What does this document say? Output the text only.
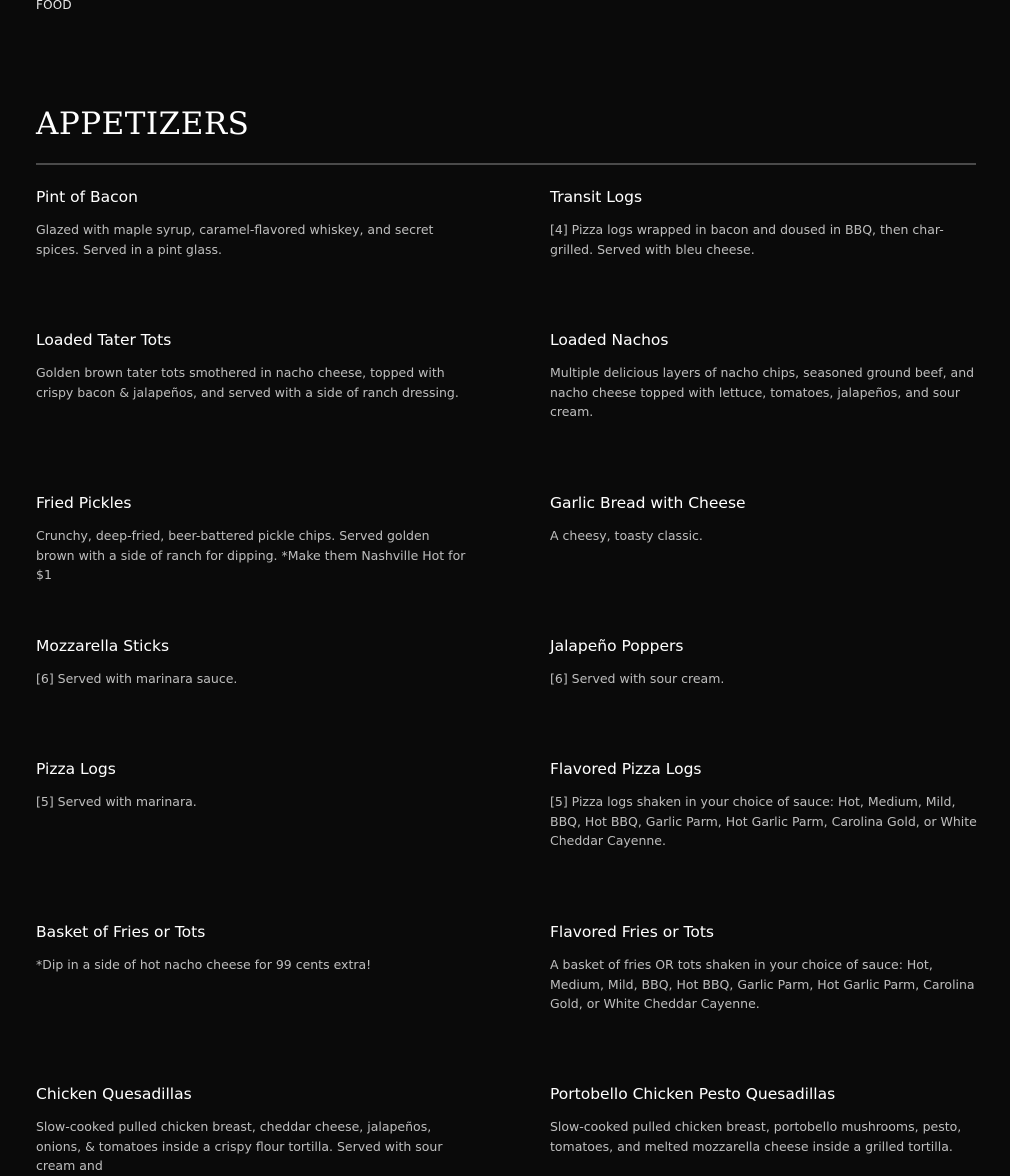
FOOD
APPETIZERS
Pint of Bacon
Glazed with maple syrup, caramel-flavored whiskey, and secret spices. Served in a pint glass.
Transit Logs
[4] Pizza logs wrapped in bacon and doused in BBQ, then char-grilled. Served with bleu cheese.
Loaded Tater Tots
Golden brown tater tots smothered in nacho cheese, topped with crispy bacon & jalapeños, and served with a side of ranch dressing.
Loaded Nachos
Multiple delicious layers of nacho chips, seasoned ground beef, and nacho cheese topped with lettuce, tomatoes, jalapeños, and sour cream.
Fried Pickles
Crunchy, deep-fried, beer-battered pickle chips. Served golden brown with a side of ranch for dipping. *Make them Nashville Hot for $1
Garlic Bread with Cheese
A cheesy, toasty classic.
Mozzarella Sticks
[6] Served with marinara sauce.
Jalapeño Poppers
[6] Served with sour cream.
Pizza Logs
[5] Served with marinara.
Flavored Pizza Logs
[5] Pizza logs shaken in your choice of sauce: Hot, Medium, Mild, BBQ, Hot BBQ, Garlic Parm, Hot Garlic Parm, Carolina Gold, or White Cheddar Cayenne.
Basket of Fries or Tots
*Dip in a side of hot nacho cheese for 99 cents extra!
Flavored Fries or Tots
A basket of fries OR tots shaken in your choice of sauce: Hot, Medium, Mild, BBQ, Hot BBQ, Garlic Parm, Hot Garlic Parm, Carolina Gold, or White Cheddar Cayenne.
Chicken Quesadillas
Slow-cooked pulled chicken breast, cheddar cheese, jalapeños, onions, & tomatoes inside a crispy flour tortilla. Served with sour cream and
Portobello Chicken Pesto Quesadillas
Slow-cooked pulled chicken breast, portobello mushrooms, pesto, tomatoes, and melted mozzarella cheese inside a grilled tortilla.
